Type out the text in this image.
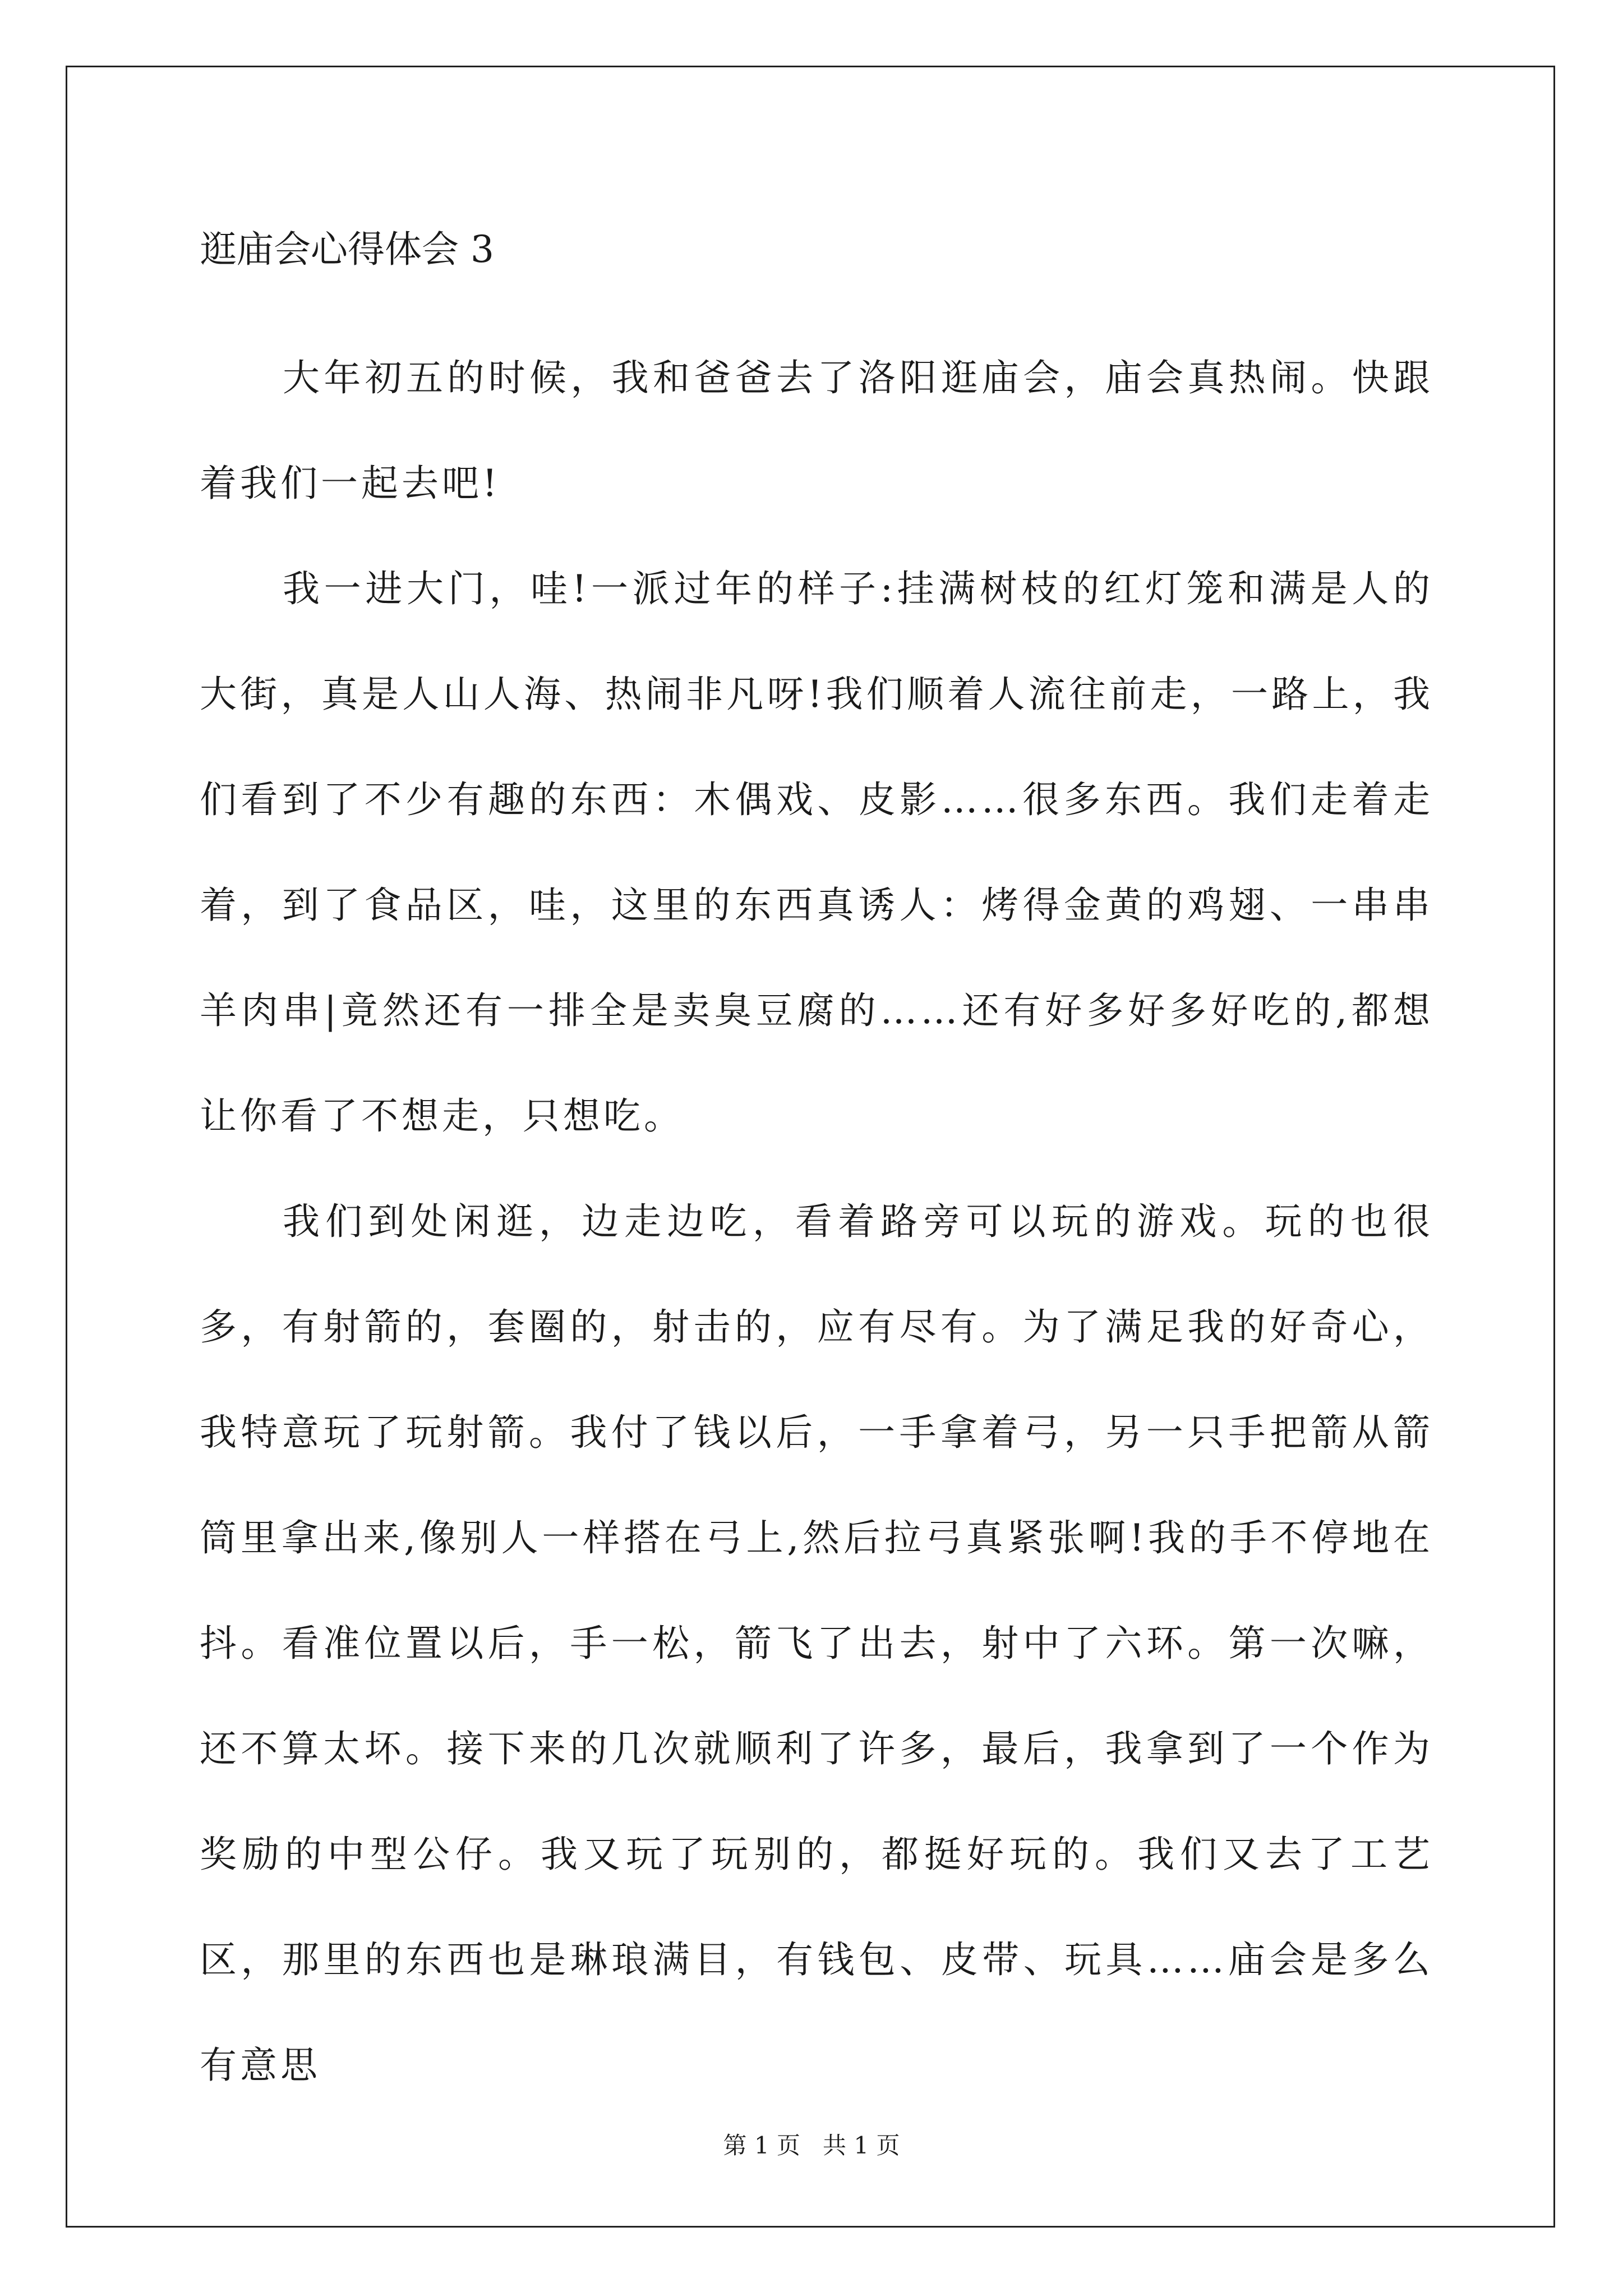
逛庙会心得体会 3

大年初五的时候，我和爸爸去了洛阳逛庙会，庙会真热闹。快跟着我们一起去吧!

我一进大门，哇!一派过年的样子:挂满树枝的红灯笼和满是人的大街，真是人山人海、热闹非凡呀!我们顺着人流往前走，一路上，我们看到了不少有趣的东西：木偶戏、皮影……很多东西。我们走着走着，到了食品区，哇，这里的东西真诱人：烤得金黄的鸡翅、一串串羊肉串|竟然还有一排全是卖臭豆腐的……还有好多好多好吃的,都想让你看了不想走，只想吃。

我们到处闲逛，边走边吃，看着路旁可以玩的游戏。玩的也很多，有射箭的，套圈的，射击的，应有尽有。为了满足我的好奇心，我特意玩了玩射箭。我付了钱以后，一手拿着弓，另一只手把箭从箭筒里拿出来,像别人一样搭在弓上,然后拉弓真紧张啊!我的手不停地在抖。看准位置以后，手一松，箭飞了出去，射中了六环。第一次嘛，还不算太坏。接下来的几次就顺利了许多，最后，我拿到了一个作为奖励的中型公仔。我又玩了玩别的，都挺好玩的。我们又去了工艺区，那里的东西也是琳琅满目，有钱包、皮带、玩具……庙会是多么有意思

第 1 页   共 1 页
